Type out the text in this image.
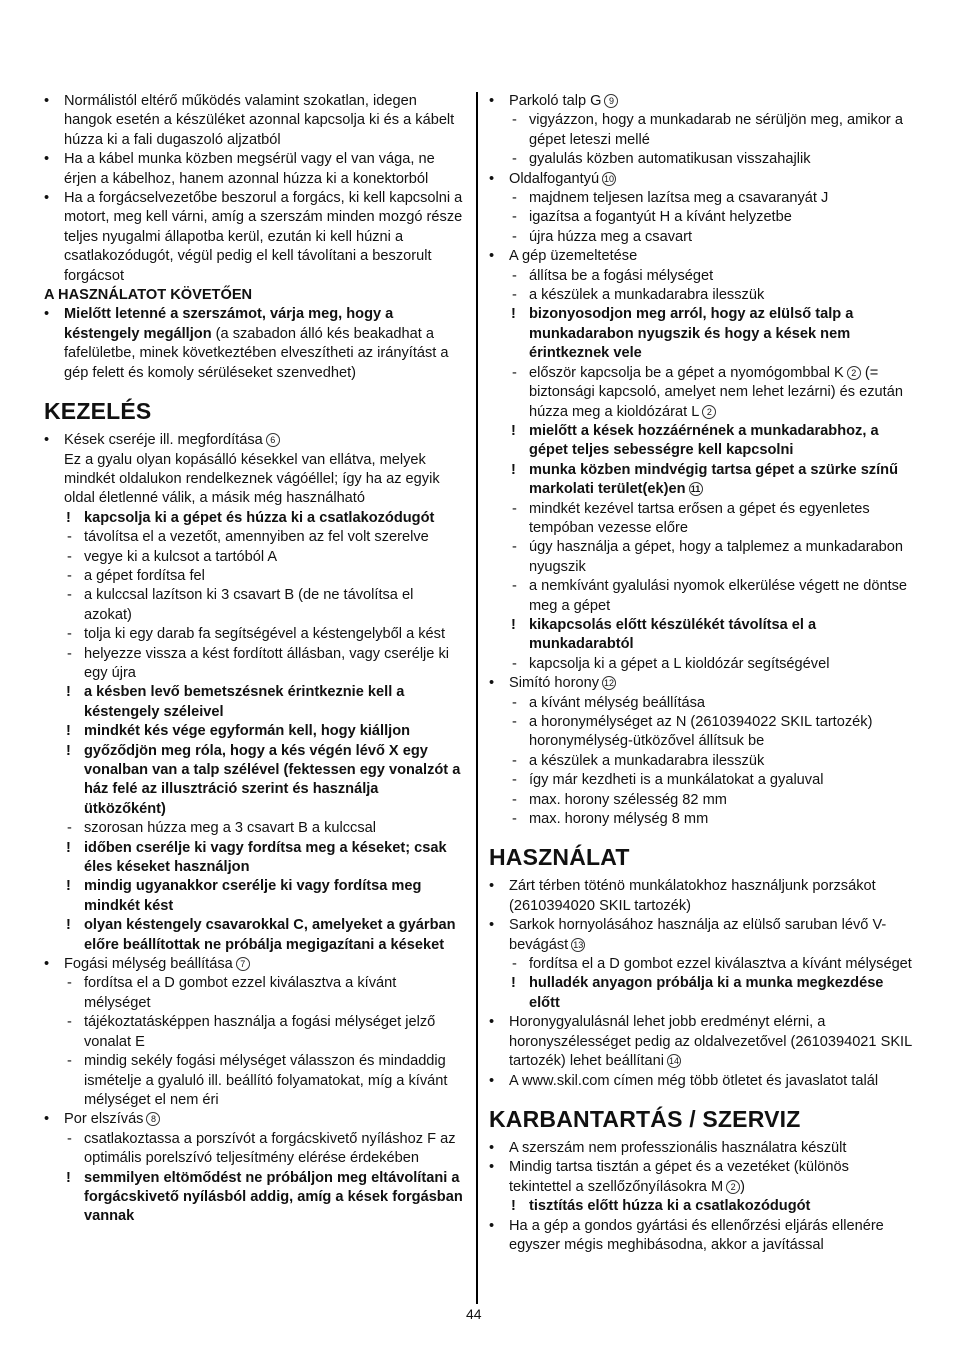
• Normálistól eltérő működés valamint szokatlan, idegen hangok esetén a készüléket azonnal kapcsolja ki és a kábelt húzza ki a fali dugaszoló aljzatból
• Ha a kábel munka közben megsérül vagy el van vága, ne érjen a kábelhoz, hanem azonnal húzza ki a konektorból
• Ha a forgácselvezetőbe beszorul a forgács, ki kell kapcsolni a motort, meg kell várni, amíg a szerszám minden mozgó része teljes nyugalmi állapotba kerül, ezután ki kell húzni a csatlakozódugót, végül pedig el kell távolítani a beszorult forgácsot
A HASZNÁLATOT KÖVETŐEN
• Mielőtt letenné a szerszámot, várja meg, hogy a késtengely megálljon (a szabadon álló kés beakadhat a fafelületbe, minek következtében elveszítheti az irányítást a gép felett és komoly sérüléseket szenvedhet)
KEZELÉS
• Kések cseréje ill. megfordítása 6
Ez a gyalu olyan kopásálló késekkel van ellátva, melyek mindkét oldalukon rendelkeznek vágóéllel; így ha az egyik oldal életlenné válik, a másik még használható
! kapcsolja ki a gépet és húzza ki a csatlakozódugót
- távolítsa el a vezetőt, amennyiben az fel volt szerelve
- vegye ki a kulcsot a tartóból A
- a gépet fordítsa fel
- a kulccsal lazítson ki 3 csavart B (de ne távolítsa el azokat)
- tolja ki egy darab fa segítségével a késtengelyből a kést
- helyezze vissza a kést fordított állásban, vagy cserélje ki egy újra
! a késben levő bemetszésnek érintkeznie kell a késtengely széleivel
! mindkét kés vége egyformán kell, hogy kiálljon
! győződjön meg róla, hogy a kés végén lévő X egy vonalban van a talp szélével (fektessen egy vonalzót a ház felé az illusztráció szerint és használja ütközőként)
- szorosan húzza meg a 3 csavart B a kulccsal
! időben cserélje ki vagy fordítsa meg a késeket; csak éles késeket használjon
! mindig ugyanakkor cserélje ki vagy fordítsa meg mindkét kést
! olyan késtengely csavarokkal C, amelyeket a gyárban előre beállítottak ne próbálja megigazítani a késeket
• Fogási mélység beállítása 7
- fordítsa el a D gombot ezzel kiválasztva a kívánt mélységet
- tájékoztatásképpen használja a fogási mélységet jelző vonalat E
- mindig sekély fogási mélységet válasszon és mindaddig ismételje a gyaluló ill. beállító folyamatokat, míg a kívánt mélységet el nem éri
• Por elszívás 8
- csatlakoztassa a porszívót a forgácskivető nyíláshoz F az optimális porelszívó teljesítmény elérése érdekében
! semmilyen eltömődést ne próbáljon meg eltávolítani a forgácskivető nyílásból addig, amíg a kések forgásban vannak
• Parkoló talp G 9
- vigyázzon, hogy a munkadarab ne sérüljön meg, amikor a gépet leteszi mellé
- gyalulás közben automatikusan visszahajlik
• Oldalfogantyú 10
- majdnem teljesen lazítsa meg a csavaranyát J
- igazítsa a fogantyút H a kívánt helyzetbe
- újra húzza meg a csavart
• A gép üzemeltetése
- állítsa be a fogási mélységet
- a készülek a munkadarabra ilesszük
! bizonyosodjon meg arról, hogy az elülső talp a munkadarabon nyugszik és hogy a kések nem érintkeznek vele
- először kapcsolja be a gépet a nyomógombbal K 2 (= biztonsági kapcsoló, amelyet nem lehet lezárni) és ezután húzza meg a kioldózárat L 2
! mielőtt a kések hozzáérnének a munkadarabhoz, a gépet teljes sebességre kell kapcsolni
! munka közben mindvégig tartsa gépet a szürke színű markolati terület(ek)en 11
- mindkét kezével tartsa erősen a gépet és egyenletes tempóban vezesse előre
- úgy használja a gépet, hogy a talplemez a munkadarabon nyugszik
- a nemkívánt gyalulási nyomok elkerülése végett ne döntse meg a gépet
! kikapcsolás előtt készülékét távolítsa el a munkadarabtól
- kapcsolja ki a gépet a L kioldózár segítségével
• Simító horony 12
- a kívánt mélység beállítása
- a horonymélységet az N (2610394022 SKIL tartozék) horonymélység-ütközővel állítsuk be
- a készülek a munkadarabra ilesszük
- így már kezdheti is a munkálatokat a gyaluval
- max. horony szélesség 82 mm
- max. horony mélység 8 mm
HASZNÁLAT
• Zárt térben töténö munkálatokhoz használjunk porzsákot (2610394020 SKIL tartozék)
• Sarkok hornyolásához használja az elülső saruban lévő V-bevágást 13
- fordítsa el a D gombot ezzel kiválasztva a kívánt mélységet
! hulladék anyagon próbálja ki a munka megkezdése előtt
• Horonygyalulásnál lehet jobb eredményt elérni, a horonyszélességet pedig az oldalvezetővel (2610394021 SKIL tartozék) lehet beállítani 14
• A www.skil.com címen még több ötletet és javaslatot talál
KARBANTARTÁS / SZERVIZ
• A szerszám nem professzionális használatra készült
• Mindig tartsa tisztán a gépet és a vezetéket (különös tekintettel a szellőzőnyílásokra M 2 )
! tisztítás előtt húzza ki a csatlakozódugót
• Ha a gép a gondos gyártási és ellenőrzési eljárás ellenére egyszer mégis meghibásodna, akkor a javítással
44
